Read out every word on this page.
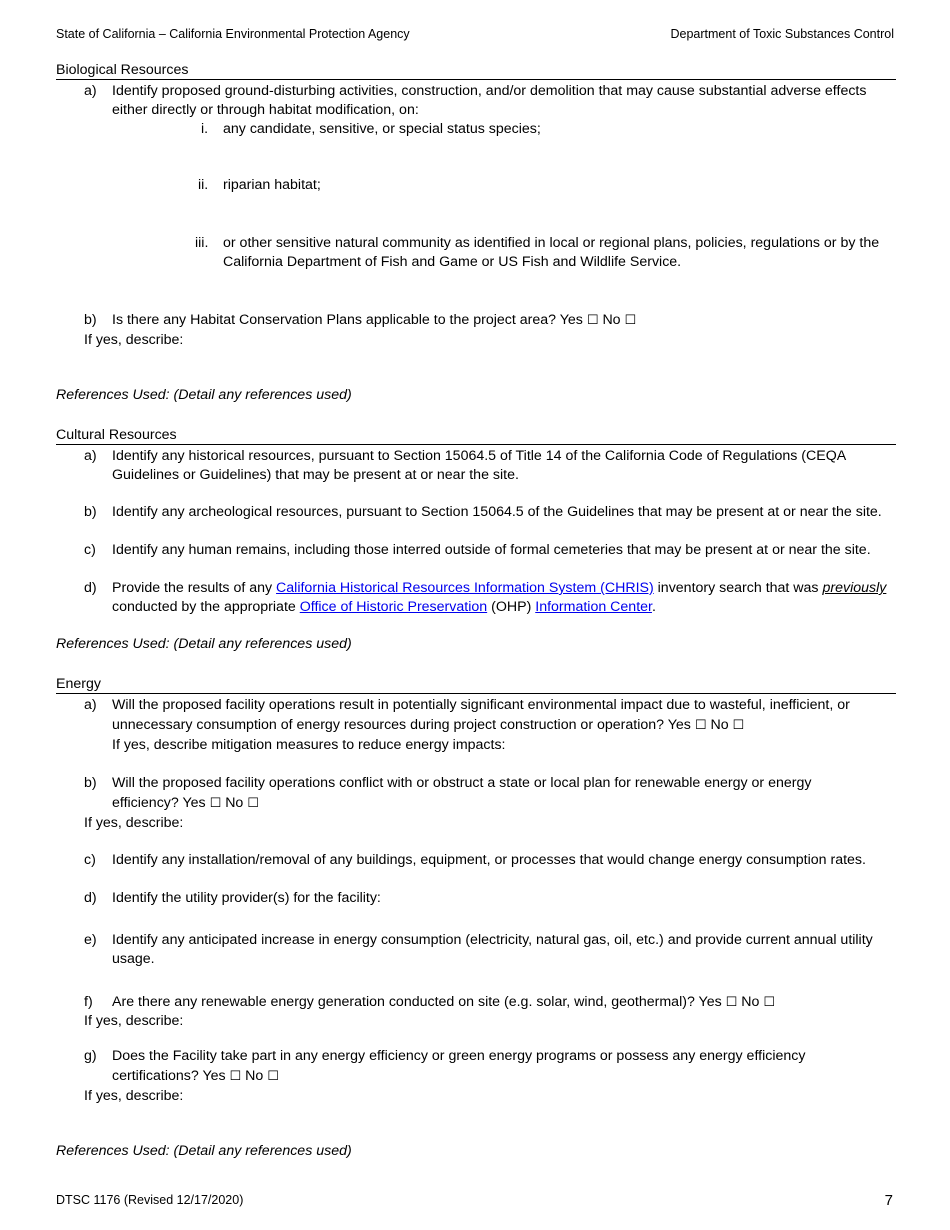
State of California – California Environmental Protection Agency	Department of Toxic Substances Control
Biological Resources
a) Identify proposed ground-disturbing activities, construction, and/or demolition that may cause substantial adverse effects
either directly or through habitat modification, on:
i. any candidate, sensitive, or special status species;
ii. riparian habitat;
iii. or other sensitive natural community as identified in local or regional plans, policies, regulations or by the
California Department of Fish and Game or US Fish and Wildlife Service.
b) Is there any Habitat Conservation Plans applicable to the project area? Yes ☐ No ☐
If yes, describe:
References Used: (Detail any references used)
Cultural Resources
a) Identify any historical resources, pursuant to Section 15064.5 of Title 14 of the California Code of Regulations (CEQA
Guidelines or Guidelines) that may be present at or near the site.
b) Identify any archeological resources, pursuant to Section 15064.5 of the Guidelines that may be present at or near the site.
c) Identify any human remains, including those interred outside of formal cemeteries that may be present at or near the site.
d) Provide the results of any California Historical Resources Information System (CHRIS) inventory search that was previously
conducted by the appropriate Office of Historic Preservation (OHP) Information Center.
References Used: (Detail any references used)
Energy
a) Will the proposed facility operations result in potentially significant environmental impact due to wasteful, inefficient, or
unnecessary consumption of energy resources during project construction or operation? Yes ☐ No ☐
If yes, describe mitigation measures to reduce energy impacts:
b) Will the proposed facility operations conflict with or obstruct a state or local plan for renewable energy or energy
efficiency? Yes ☐ No ☐
If yes, describe:
c) Identify any installation/removal of any buildings, equipment, or processes that would change energy consumption rates.
d) Identify the utility provider(s) for the facility:
e) Identify any anticipated increase in energy consumption (electricity, natural gas, oil, etc.) and provide current annual utility
usage.
f) Are there any renewable energy generation conducted on site (e.g. solar, wind, geothermal)? Yes ☐ No ☐
If yes, describe:
g) Does the Facility take part in any energy efficiency or green energy programs or possess any energy efficiency
certifications? Yes ☐ No ☐
If yes, describe:
References Used: (Detail any references used)
DTSC 1176 (Revised 12/17/2020)	7
